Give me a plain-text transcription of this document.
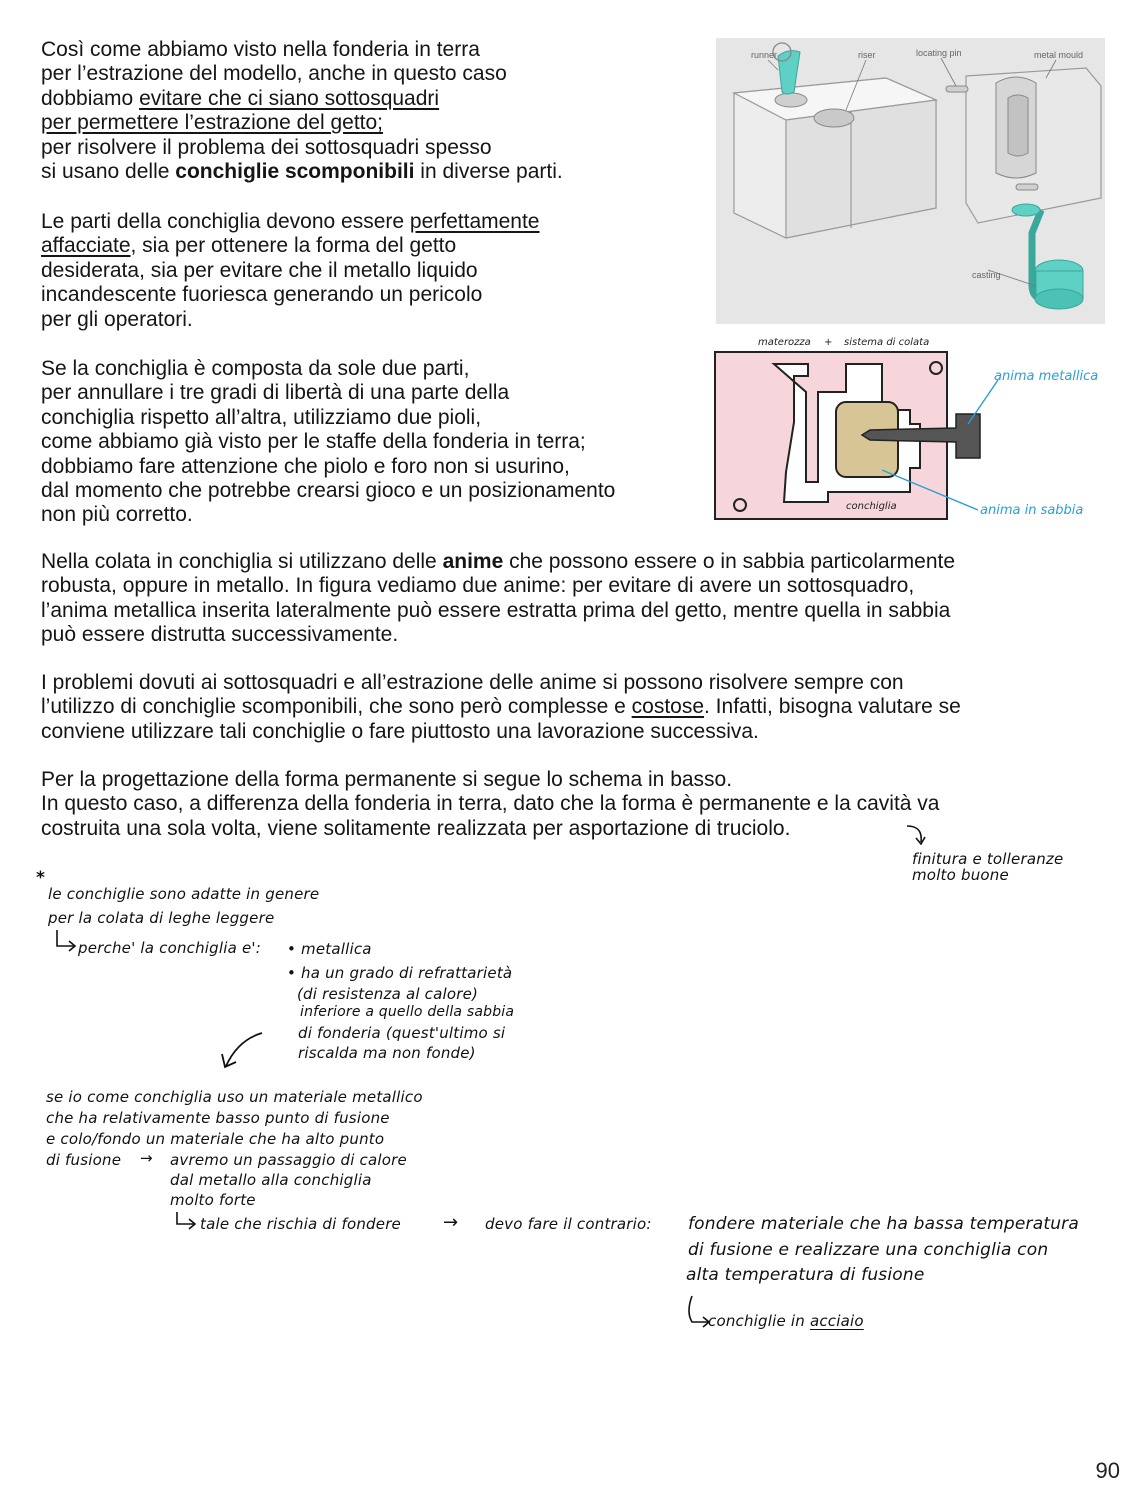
Così come abbiamo visto nella fonderia in terra
per l’estrazione del modello, anche in questo caso
dobbiamo evitare che ci siano sottosquadri
per permettere l’estrazione del getto;
per risolvere il problema dei sottosquadri spesso
si usano delle conchiglie scomponibili in diverse parti.
Le parti della conchiglia devono essere perfettamente
affacciate, sia per ottenere la forma del getto
desiderata, sia per evitare che il metallo liquido
incandescente fuoriesca generando un pericolo
per gli operatori.
Se la conchiglia è composta da sole due parti,
per annullare i tre gradi di libertà di una parte della
conchiglia rispetto all’altra, utilizziamo due pioli,
come abbiamo già visto per le staffe della fonderia in terra;
dobbiamo fare attenzione che piolo e foro non si usurino,
dal momento che potrebbe crearsi gioco e un posizionamento
non più corretto.
Nella colata in conchiglia si utilizzano delle anime che possono essere o in sabbia particolarmente
robusta, oppure in metallo. In figura vediamo due anime: per evitare di avere un sottosquadro,
l’anima metallica inserita lateralmente può essere estratta prima del getto, mentre quella in sabbia
può essere distrutta successivamente.
I problemi dovuti ai sottosquadri e all’estrazione delle anime si possono risolvere sempre con
l’utilizzo di conchiglie scomponibili, che sono però complesse e costose. Infatti, bisogna valutare se
conviene utilizzare tali conchiglie o fare piuttosto una lavorazione successiva.
Per la progettazione della forma permanente si segue lo schema in basso.
In questo caso, a differenza della fonderia in terra, dato che la forma è permanente e la cavità va
costruita una sola volta, viene solitamente realizzata per asportazione di truciolo.
runner	riser	locating pin	metal mould
casting
materozza + sistema di colata
anima metallica
anima in sabbia
conchiglia
finitura e tolleranze
molto buone
*
le conchiglie sono adatte in genere
per la colata di leghe leggere
perche' la conchiglia e': • metallica
• ha un grado di refrattarietà
(di resistenza al calore)
inferiore a quello della sabbia
di fonderia (quest'ultimo si
riscalda ma non fonde)
se io come conchiglia uso un materiale metallico
che ha relativamente basso punto di fusione
e colo/fondo un materiale che ha alto punto
di fusione → avremo un passaggio di calore
dal metallo alla conchiglia
molto forte
tale che rischia di fondere → devo fare il contrario: fondere materiale che ha bassa temperatura
di fusione e realizzare una conchiglia con
alta temperatura di fusione
conchiglie in acciaio
90
